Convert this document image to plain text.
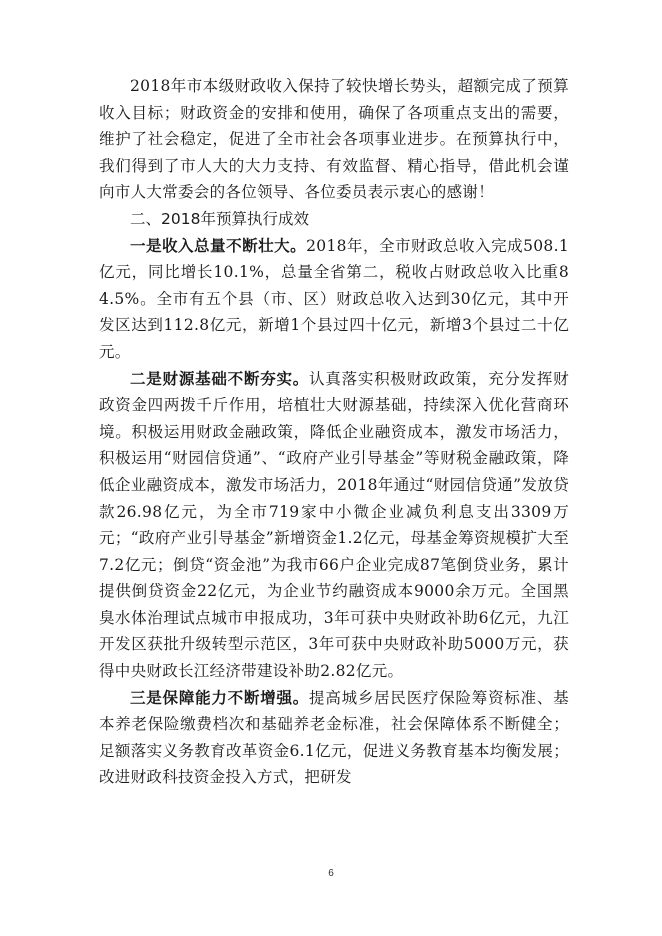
2018年市本级财政收入保持了较快增长势头，超额完成了预算收入目标；财政资金的安排和使用，确保了各项重点支出的需要，维护了社会稳定，促进了全市社会各项事业进步。在预算执行中，我们得到了市人大的大力支持、有效监督、精心指导，借此机会谨向市人大常委会的各位领导、各位委员表示衷心的感谢！

二、2018年预算执行成效

一是收入总量不断壮大。2018年，全市财政总收入完成508.1亿元，同比增长10.1%，总量全省第二，税收占财政总收入比重84.5%。全市有五个县（市、区）财政总收入达到30亿元，其中开发区达到112.8亿元，新增1个县过四十亿元，新增3个县过二十亿元。

二是财源基础不断夯实。认真落实积极财政政策，充分发挥财政资金四两拨千斤作用，培植壮大财源基础，持续深入优化营商环境。积极运用财政金融政策，降低企业融资成本，激发市场活力，积极运用“财园信贷通”、“政府产业引导基金”等财税金融政策，降低企业融资成本，激发市场活力，2018年通过“财园信贷通”发放贷款26.98亿元，为全市719家中小微企业减负利息支出3309万元；“政府产业引导基金”新增资金1.2亿元，母基金筹资规模扩大至7.2亿元；倒贷“资金池”为我市66户企业完成87笔倒贷业务，累计提供倒贷资金22亿元，为企业节约融资成本9000余万元。全国黑臭水体治理试点城市申报成功，3年可获中央财政补助6亿元，九江开发区获批升级转型示范区，3年可获中央财政补助5000万元，获得中央财政长江经济带建设补助2.82亿元。

三是保障能力不断增强。提高城乡居民医疗保险筹资标准、基本养老保险缴费档次和基础养老金标准，社会保障体系不断健全；足额落实义务教育改革资金6.1亿元，促进义务教育基本均衡发展；改进财政科技资金投入方式，把研发

6
